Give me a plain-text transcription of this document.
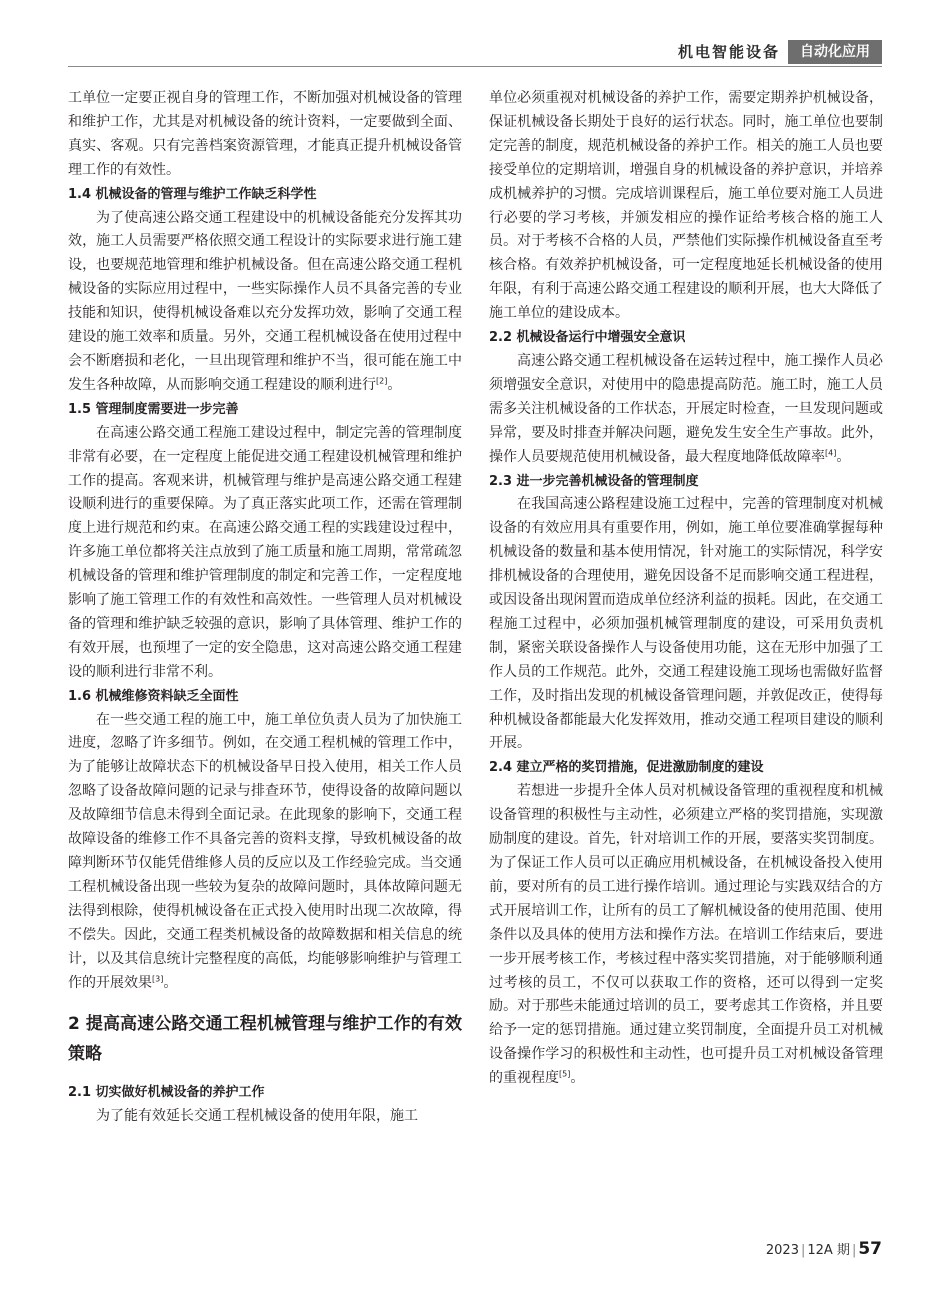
机电智能设备	自动化应用

工单位一定要正视自身的管理工作，不断加强对机械设备的管理和维护工作，尤其是对机械设备的统计资料，一定要做到全面、真实、客观。只有完善档案资源管理，才能真正提升机械设备管理工作的有效性。

1.4 机械设备的管理与维护工作缺乏科学性

为了使高速公路交通工程建设中的机械设备能充分发挥其功效，施工人员需要严格依照交通工程设计的实际要求进行施工建设，也要规范地管理和维护机械设备。但在高速公路交通工程机械设备的实际应用过程中，一些实际操作人员不具备完善的专业技能和知识，使得机械设备难以充分发挥功效，影响了交通工程建设的施工效率和质量。另外，交通工程机械设备在使用过程中会不断磨损和老化，一旦出现管理和维护不当，很可能在施工中发生各种故障，从而影响交通工程建设的顺利进行[2]。

1.5 管理制度需要进一步完善

在高速公路交通工程施工建设过程中，制定完善的管理制度非常有必要，在一定程度上能促进交通工程建设机械管理和维护工作的提高。客观来讲，机械管理与维护是高速公路交通工程建设顺利进行的重要保障。为了真正落实此项工作，还需在管理制度上进行规范和约束。在高速公路交通工程的实践建设过程中，许多施工单位都将关注点放到了施工质量和施工周期，常常疏忽机械设备的管理和维护管理制度的制定和完善工作，一定程度地影响了施工管理工作的有效性和高效性。一些管理人员对机械设备的管理和维护缺乏较强的意识，影响了具体管理、维护工作的有效开展，也预埋了一定的安全隐患，这对高速公路交通工程建设的顺利进行非常不利。

1.6 机械维修资料缺乏全面性

在一些交通工程的施工中，施工单位负责人员为了加快施工进度，忽略了许多细节。例如，在交通工程机械的管理工作中，为了能够让故障状态下的机械设备早日投入使用，相关工作人员忽略了设备故障问题的记录与排查环节，使得设备的故障问题以及故障细节信息未得到全面记录。在此现象的影响下，交通工程故障设备的维修工作不具备完善的资料支撑，导致机械设备的故障判断环节仅能凭借维修人员的反应以及工作经验完成。当交通工程机械设备出现一些较为复杂的故障问题时，具体故障问题无法得到根除，使得机械设备在正式投入使用时出现二次故障，得不偿失。因此，交通工程类机械设备的故障数据和相关信息的统计，以及其信息统计完整程度的高低，均能够影响维护与管理工作的开展效果[3]。

2 提高高速公路交通工程机械管理与维护工作的有效策略
2.1 切实做好机械设备的养护工作

为了能有效延长交通工程机械设备的使用年限，施工

单位必须重视对机械设备的养护工作，需要定期养护机械设备，保证机械设备长期处于良好的运行状态。同时，施工单位也要制定完善的制度，规范机械设备的养护工作。相关的施工人员也要接受单位的定期培训，增强自身的机械设备的养护意识，并培养成机械养护的习惯。完成培训课程后，施工单位要对施工人员进行必要的学习考核，并颁发相应的操作证给考核合格的施工人员。对于考核不合格的人员，严禁他们实际操作机械设备直至考核合格。有效养护机械设备，可一定程度地延长机械设备的使用年限，有利于高速公路交通工程建设的顺利开展，也大大降低了施工单位的建设成本。

2.2 机械设备运行中增强安全意识

高速公路交通工程机械设备在运转过程中，施工操作人员必须增强安全意识，对使用中的隐患提高防范。施工时，施工人员需多关注机械设备的工作状态，开展定时检查，一旦发现问题或异常，要及时排查并解决问题，避免发生安全生产事故。此外，操作人员要规范使用机械设备，最大程度地降低故障率[4]。

2.3 进一步完善机械设备的管理制度

在我国高速公路程建设施工过程中，完善的管理制度对机械设备的有效应用具有重要作用，例如，施工单位要准确掌握每种机械设备的数量和基本使用情况，针对施工的实际情况，科学安排机械设备的合理使用，避免因设备不足而影响交通工程进程，或因设备出现闲置而造成单位经济利益的损耗。因此，在交通工程施工过程中，必须加强机械管理制度的建设，可采用负责机制，紧密关联设备操作人与设备使用功能，这在无形中加强了工作人员的工作规范。此外，交通工程建设施工现场也需做好监督工作，及时指出发现的机械设备管理问题，并敦促改正，使得每种机械设备都能最大化发挥效用，推动交通工程项目建设的顺利开展。

2.4 建立严格的奖罚措施，促进激励制度的建设

若想进一步提升全体人员对机械设备管理的重视程度和机械设备管理的积极性与主动性，必须建立严格的奖罚措施，实现激励制度的建设。首先，针对培训工作的开展，要落实奖罚制度。为了保证工作人员可以正确应用机械设备，在机械设备投入使用前，要对所有的员工进行操作培训。通过理论与实践双结合的方式开展培训工作，让所有的员工了解机械设备的使用范围、使用条件以及具体的使用方法和操作方法。在培训工作结束后，要进一步开展考核工作，考核过程中落实奖罚措施，对于能够顺利通过考核的员工，不仅可以获取工作的资格，还可以得到一定奖励。对于那些未能通过培训的员工，要考虑其工作资格，并且要给予一定的惩罚措施。通过建立奖罚制度，全面提升员工对机械设备操作学习的积极性和主动性，也可提升员工对机械设备管理的重视程度[5]。

2023 | 12A 期 | 57
